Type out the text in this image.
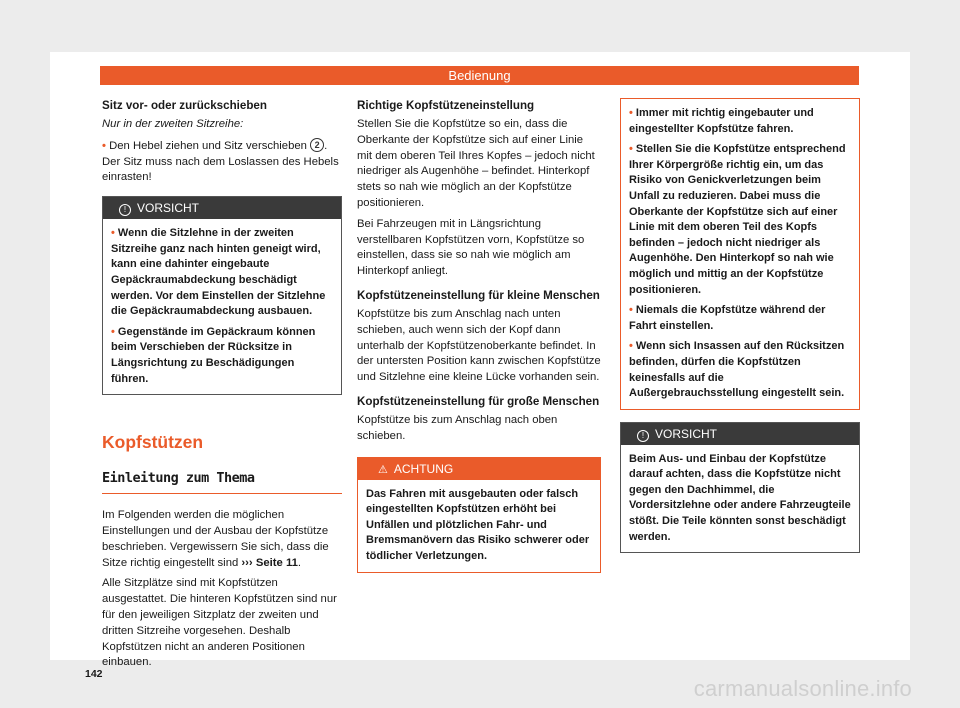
Bedienung
Sitz vor- oder zurückschieben

Nur in der zweiten Sitzreihe:

• Den Hebel ziehen und Sitz verschieben 2 . Der Sitz muss nach dem Loslassen des Hebels einrasten!

! VORSICHT

• Wenn die Sitzlehne in der zweiten Sitzreihe ganz nach hinten geneigt wird, kann eine dahinter eingebaute Gepäckraumabdeckung beschädigt werden. Vor dem Einstellen der Sitzlehne die Gepäckraumabdeckung ausbauen.

• Gegenstände im Gepäckraum können beim Verschieben der Rücksitze in Längsrichtung zu Beschädigungen führen.

Kopfstützen
Einleitung zum Thema

Im Folgenden werden die möglichen Einstellungen und der Ausbau der Kopfstütze beschrieben. Vergewissern Sie sich, dass die Sitze richtig eingestellt sind ››› Seite 11.

Alle Sitzplätze sind mit Kopfstützen ausgestattet. Die hinteren Kopfstützen sind nur für den jeweiligen Sitzplatz der zweiten und dritten Sitzreihe vorgesehen. Deshalb Kopfstützen nicht an anderen Positionen einbauen.

Richtige Kopfstützeneinstellung

Stellen Sie die Kopfstütze so ein, dass die Oberkante der Kopfstütze sich auf einer Linie mit dem oberen Teil Ihres Kopfes – jedoch nicht niedriger als Augenhöhe – befindet. Hinterkopf stets so nah wie möglich an der Kopfstütze positionieren.

Bei Fahrzeugen mit in Längsrichtung verstellbaren Kopfstützen vorn, Kopfstütze so einstellen, dass sie so nah wie möglich am Hinterkopf anliegt.

Kopfstützeneinstellung für kleine Menschen

Kopfstütze bis zum Anschlag nach unten schieben, auch wenn sich der Kopf dann unterhalb der Kopfstützenoberkante befindet. In der untersten Position kann zwischen Kopfstütze und Sitzlehne eine kleine Lücke vorhanden sein.

Kopfstützeneinstellung für große Menschen

Kopfstütze bis zum Anschlag nach oben schieben.

⚠ ACHTUNG
Das Fahren mit ausgebauten oder falsch eingestellten Kopfstützen erhöht bei Unfällen und plötzlichen Fahr- und Bremsmanövern das Risiko schwerer oder tödlicher Verletzungen.

• Immer mit richtig eingebauter und eingestellter Kopfstütze fahren.

• Stellen Sie die Kopfstütze entsprechend Ihrer Körpergröße richtig ein, um das Risiko von Genickverletzungen beim Unfall zu reduzieren. Dabei muss die Oberkante der Kopfstütze sich auf einer Linie mit dem oberen Teil des Kopfs befinden – jedoch nicht niedriger als Augenhöhe. Den Hinterkopf so nah wie möglich und mittig an der Kopfstütze positionieren.

• Niemals die Kopfstütze während der Fahrt einstellen.

• Wenn sich Insassen auf den Rücksitzen befinden, dürfen die Kopfstützen keinesfalls auf die Außergebrauchsstellung eingestellt sein.

! VORSICHT
Beim Aus- und Einbau der Kopfstütze darauf achten, dass die Kopfstütze nicht gegen den Dachhimmel, die Vordersitzlehne oder andere Fahrzeugteile stößt. Die Teile könnten sonst beschädigt werden.
142
carmanualsonline.info
